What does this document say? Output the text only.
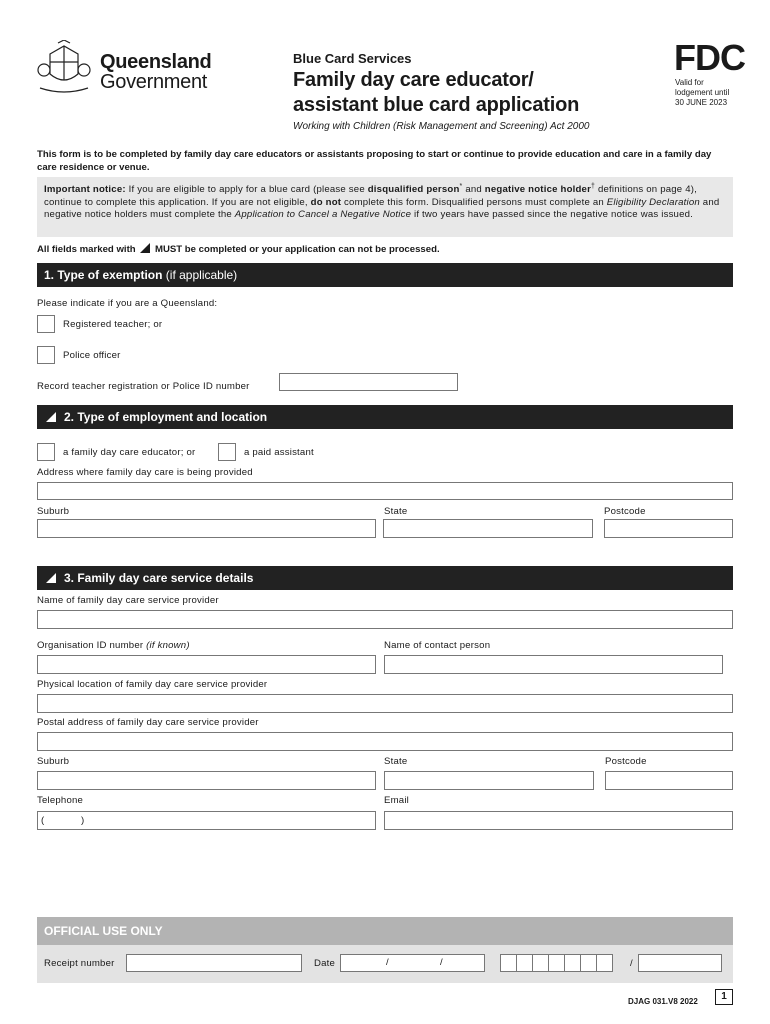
Queensland
Government
Blue Card Services
Family day care educator/
assistant blue card application
FDC
Valid for
lodgement until
30 JUNE 2023
Working with Children (Risk Management and Screening) Act 2000
This form is to be completed by family day care educators or assistants proposing to start or continue to provide education and care in a family day care residence or venue.
Important notice: If you are eligible to apply for a blue card (please see disqualified person* and negative notice holder† definitions on page 4), continue to complete this application. If you are not eligible, do not complete this form. Disqualified persons must complete an Eligibility Declaration and negative notice holders must complete the Application to Cancel a Negative Notice if two years have passed since the negative notice was issued.
All fields marked with  MUST be completed or your application can not be processed.
1. Type of exemption (if applicable)
Please indicate if you are a Queensland:
Registered teacher; or
Police officer
Record teacher registration or Police ID number
2. Type of employment and location
a family day care educator; or	a paid assistant
Address where family day care is being provided
Suburb	State	Postcode
3. Family day care service details
Name of family day care service provider
Organisation ID number (if known)	Name of contact person
Physical location of family day care service provider
Postal address of family day care service provider
Suburb	State	Postcode
Telephone
(	)
Email
OFFICIAL USE ONLY
Receipt number	Date	/	/	/
DJAG 031.V8 2022	1
